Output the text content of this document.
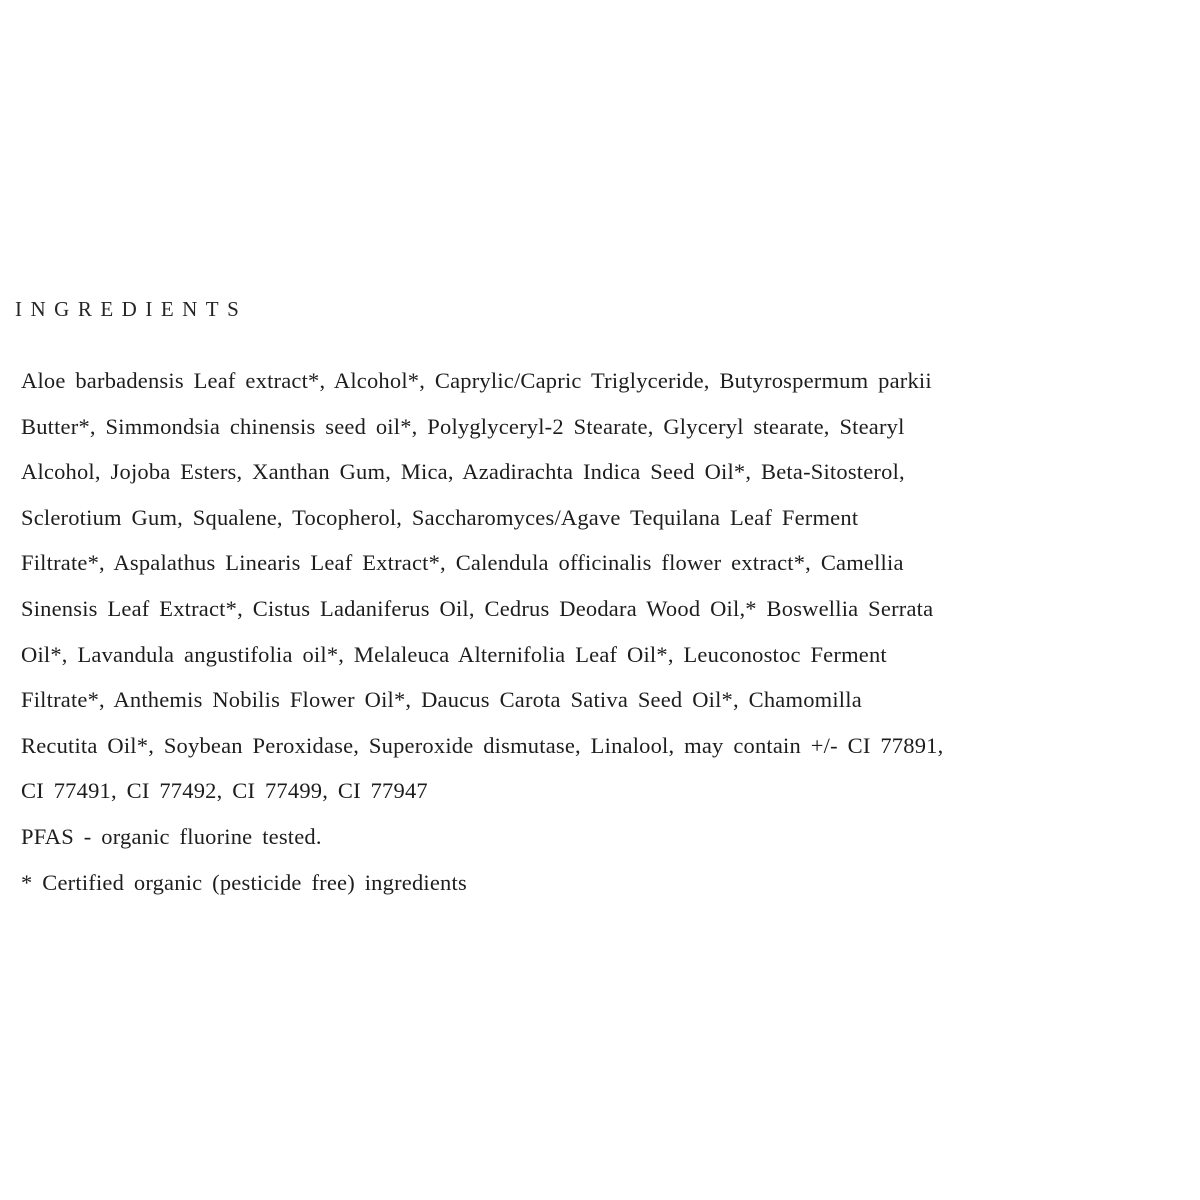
INGREDIENTS
Aloe barbadensis Leaf extract*, Alcohol*, Caprylic/Capric Triglyceride, Butyrospermum parkii
Butter*, Simmondsia chinensis seed oil*, Polyglyceryl-2 Stearate, Glyceryl stearate, Stearyl
Alcohol, Jojoba Esters, Xanthan Gum, Mica, Azadirachta Indica Seed Oil*, Beta-Sitosterol,
Sclerotium Gum, Squalene, Tocopherol, Saccharomyces/Agave Tequilana Leaf Ferment
Filtrate*, Aspalathus Linearis Leaf Extract*, Calendula officinalis flower extract*, Camellia
Sinensis Leaf Extract*, Cistus Ladaniferus Oil, Cedrus Deodara Wood Oil,* Boswellia Serrata
Oil*, Lavandula angustifolia oil*, Melaleuca Alternifolia Leaf Oil*, Leuconostoc Ferment
Filtrate*, Anthemis Nobilis Flower Oil*, Daucus Carota Sativa Seed Oil*, Chamomilla
Recutita Oil*, Soybean Peroxidase, Superoxide dismutase, Linalool, may contain +/- CI 77891,
CI 77491, CI 77492, CI 77499, CI 77947
PFAS - organic fluorine tested.
* Certified organic (pesticide free) ingredients
